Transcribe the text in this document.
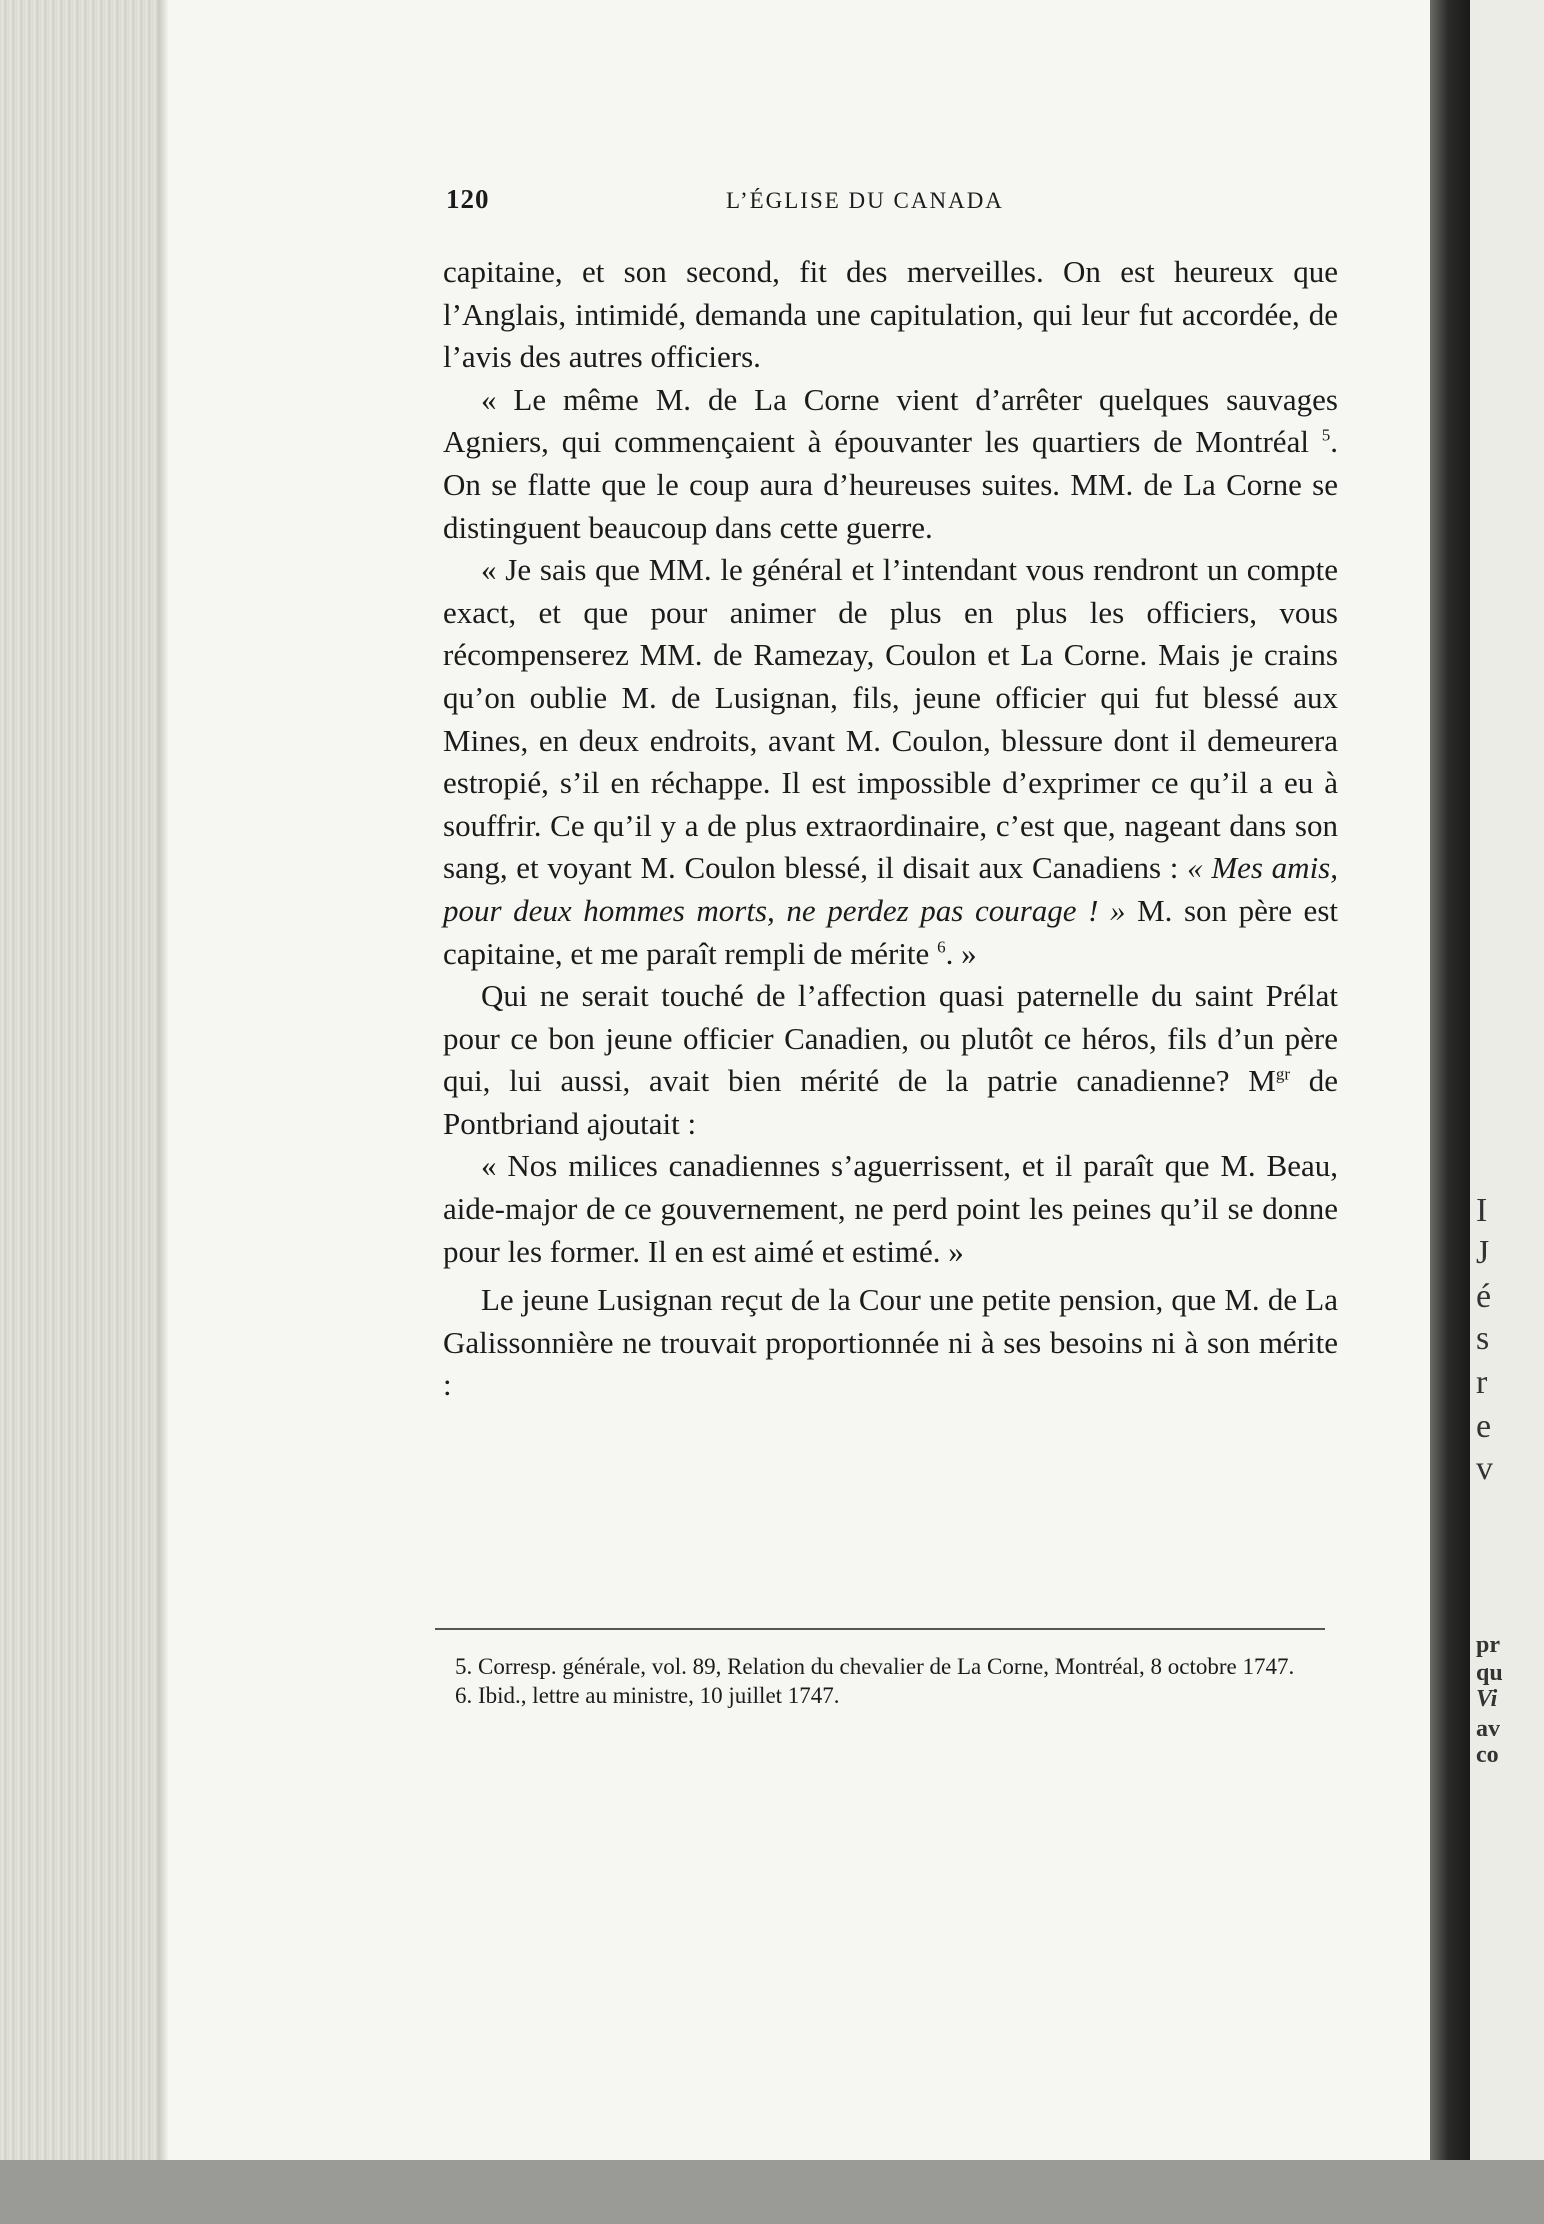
I
J
é
s
r
e
v
pr
qu
Vi
av
co
120	L’ÉGLISE DU CANADA

capitaine, et son second, fit des merveilles. On est heureux que l’Anglais, intimidé, demanda une capitulation, qui leur fut accordée, de l’avis des autres officiers.

« Le même M. de La Corne vient d’arrêter quelques sauvages Agniers, qui commençaient à épouvanter les quartiers de Montréal $^5$. On se flatte que le coup aura d’heureuses suites. MM. de La Corne se distinguent beaucoup dans cette guerre.

« Je sais que MM. le général et l’intendant vous rendront un compte exact, et que pour animer de plus en plus les officiers, vous récompenserez MM. de Ramezay, Coulon et La Corne. Mais je crains qu’on oublie M. de Lusignan, fils, jeune officier qui fut blessé aux Mines, en deux endroits, avant M. Coulon, blessure dont il demeurera estropié, s’il en réchappe. Il est impossible d’exprimer ce qu’il a eu à souffrir. Ce qu’il y a de plus extraordinaire, c’est que, nageant dans son sang, et voyant M. Coulon blessé, il disait aux Canadiens : « Mes amis, pour deux hommes morts, ne perdez pas courage ! » M. son père est capitaine, et me paraît rempli de mérite $^6$. »

Qui ne serait touché de l’affection quasi paternelle du saint Prélat pour ce bon jeune officier Canadien, ou plutôt ce héros, fils d’un père qui, lui aussi, avait bien mérité de la patrie canadienne? $M^{gr}$ de Pontbriand ajoutait :

« Nos milices canadiennes s’aguerrissent, et il paraît que M. Beau, aide-major de ce gouvernement, ne perd point les peines qu’il se donne pour les former. Il en est aimé et estimé. »

Le jeune Lusignan reçut de la Cour une petite pension, que M. de La Galissonnière ne trouvait proportionnée ni à ses besoins ni à son mérite :

5. Corresp. générale, vol. 89, Relation du chevalier de La Corne, Montréal, 8 octobre 1747.

6. Ibid., lettre au ministre, 10 juillet 1747.
